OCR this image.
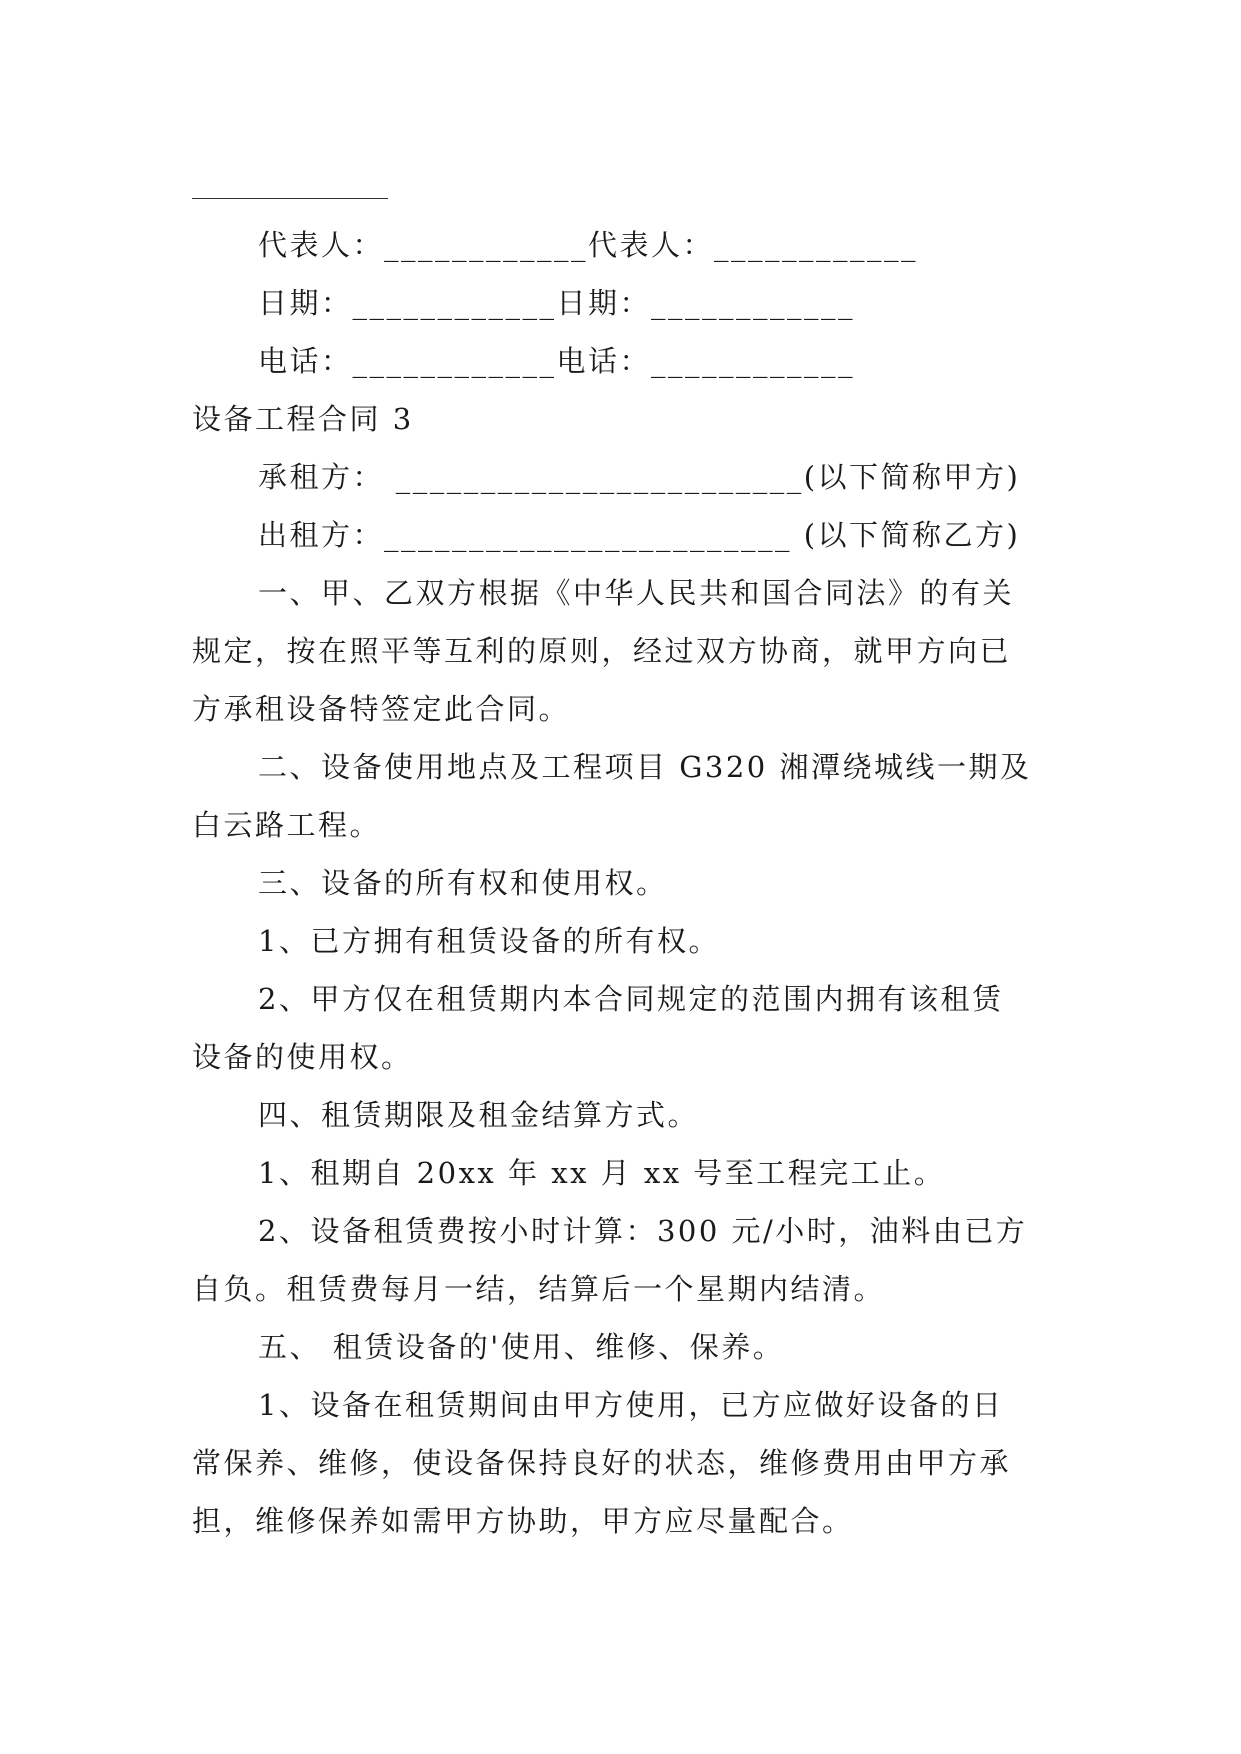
代表人：____________代表人：____________
日期：____________日期：____________
电话：____________电话：____________
设备工程合同 3
承租方： ________________________(以下简称甲方)
出租方：________________________ (以下简称乙方)
一、甲、乙双方根据《中华人民共和国合同法》的有关
规定，按在照平等互利的原则，经过双方协商，就甲方向已
方承租设备特签定此合同。
二、设备使用地点及工程项目 G320 湘潭绕城线一期及
白云路工程。
三、设备的所有权和使用权。
1、已方拥有租赁设备的所有权。
2、甲方仅在租赁期内本合同规定的范围内拥有该租赁
设备的使用权。
四、租赁期限及租金结算方式。
1、租期自 20xx 年 xx 月 xx 号至工程完工止。
2、设备租赁费按小时计算：300 元/小时，油料由已方
自负。租赁费每月一结，结算后一个星期内结清。
五、 租赁设备的'使用、维修、保养。
1、设备在租赁期间由甲方使用，已方应做好设备的日
常保养、维修，使设备保持良好的状态，维修费用由甲方承
担，维修保养如需甲方协助，甲方应尽量配合。
